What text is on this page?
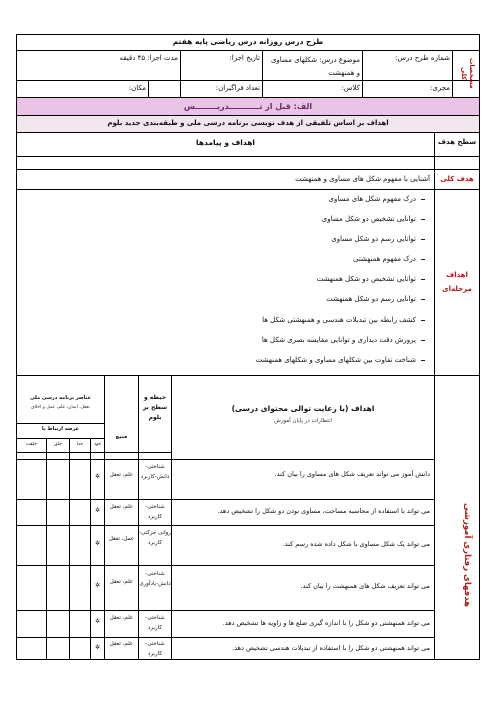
طرح درس روزانه درس ریاضی پایه هفتم
مشخصات کلی
شماره طرح درس:
موضوع درس: شکلهای مساوی و همنهشت
تاریخ اجرا:
مدت اجرا: ۴۵ دقیقه
مجری:
کلاس:
تعداد فراگیران:
مکان:
الف: قبل از تـــــــــــدریــــــــس
اهداف بر اساس تلفیقی از هدف نویسی برنامه درسی ملی و طبقه‌بندی جدید بلوم
سطح هدف
اهداف و پیامدها
هدف کلی
آشنایی با مفهوم شکل های مساوی و همنهشت
اهداف مرحله‌ای
درک مفهوم شکل های مساوی
توانایی تشخیص دو شکل مساوی
توانایی رسم دو شکل مساوی
درک مفهوم همنهشتی
توانایی تشخیص دو شکل همنهشت
توانایی رسم دو شکل همنهشت
کشف رابطه بین تبدیلات هندسی و همنهشتی شکل ها
پرورش دقت دیداری و توانایی مقایسه بصری شکل ها
شناخت تفاوت بین شکلهای مساوی و شکلهای همنهشت
هدفهای رفتاری آموزشی
اهداف (با رعایت توالی محتوای درسی)
انتظارات در پایان آموزش
حیطه و سطح بر بلوم
منبع
عناصر برنامه درسی ملی
تعقل، ایمان، علم، عمل و اخلاق
عرصه ارتباط با
خود
خدا
خلق
خلقت
دانش آموز می تواند تعریف شکل های مساوی را بیان کند.
شناختی-دانش-کاربرد
علم، تعقل
✲
می تواند با استفاده از محاسبه مساحت، مساوی بودن دو شکل را تشخیص دهد.
شناختی-کاربرد
علم، تعقل
✲
می تواند یک شکل مساوی با شکل داده شده رسم کند.
روانی حرکتی-کاربرد
عمل، تعقل
✲
می تواند تعریف شکل های همنهشت را بیان کند.
شناختی-دانش-یادآوری
علم، تعقل
✲
می تواند همنهشتی دو شکل را با اندازه گیری ضلع ها و زاویه ها تشخیص دهد.
شناختی-کاربرد
علم، تعقل
✲
می تواند همنهشتی دو شکل را با استفاده از تبدیلات هندسی تشخیص دهد.
شناختی-کاربرد
علم، تعقل
✲
